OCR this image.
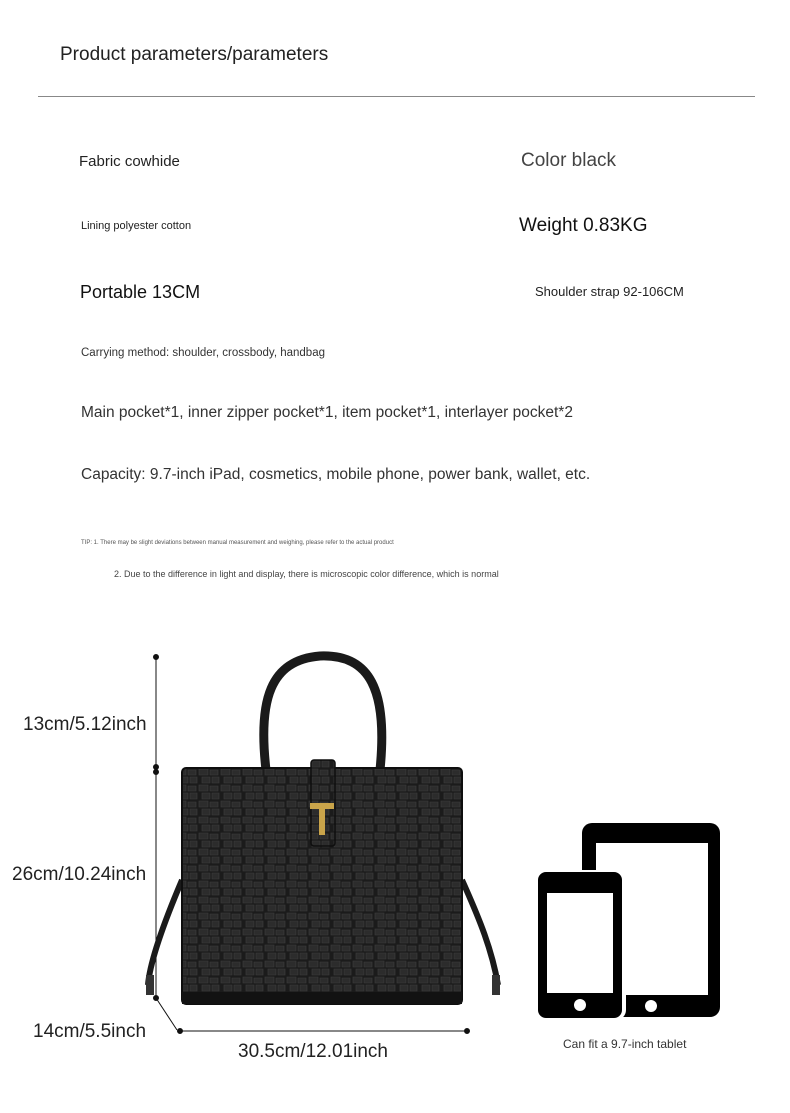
Product parameters/parameters
Fabric cowhide	Color black
Lining polyester cotton	Weight 0.83KG
Portable 13CM	Shoulder strap 92-106CM
Carrying method: shoulder, crossbody, handbag
Main pocket*1, inner zipper pocket*1, item pocket*1, interlayer pocket*2
Capacity: 9.7-inch iPad, cosmetics, mobile phone, power bank, wallet, etc.
TIP: 1. There may be slight deviations between manual measurement and weighing, please refer to the actual product
2. Due to the difference in light and display, there is microscopic color difference, which is normal
13cm/5.12inch
26cm/10.24inch
14cm/5.5inch
30.5cm/12.01inch	Can fit a 9.7-inch tablet
